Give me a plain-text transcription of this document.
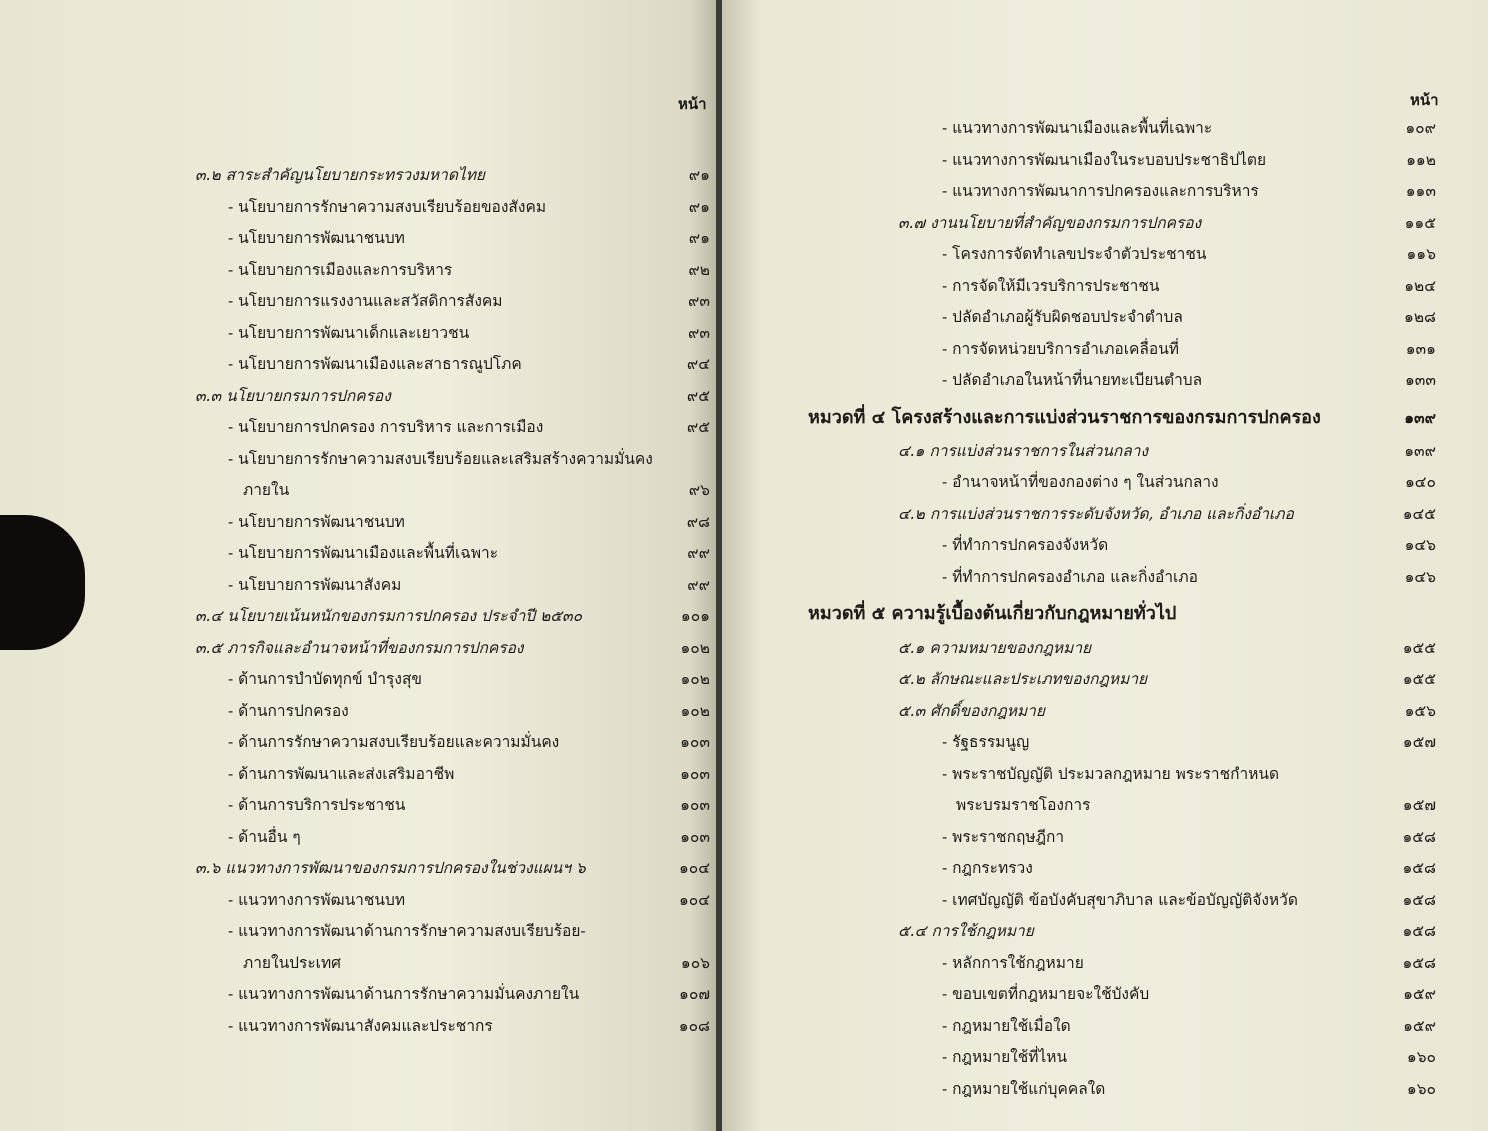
หน้า
๓.๒ สาระสำคัญนโยบายกระทรวงมหาดไทย	๙๑
- นโยบายการรักษาความสงบเรียบร้อยของสังคม	๙๑
- นโยบายการพัฒนาชนบท	๙๑
- นโยบายการเมืองและการบริหาร	๙๒
- นโยบายการแรงงานและสวัสดิการสังคม	๙๓
- นโยบายการพัฒนาเด็กและเยาวชน	๙๓
- นโยบายการพัฒนาเมืองและสาธารณูปโภค	๙๔
๓.๓ นโยบายกรมการปกครอง	๙๕
- นโยบายการปกครอง การบริหาร และการเมือง	๙๕
- นโยบายการรักษาความสงบเรียบร้อยและเสริมสร้างความมั่นคง
ภายใน	๙๖
- นโยบายการพัฒนาชนบท	๙๘
- นโยบายการพัฒนาเมืองและพื้นที่เฉพาะ	๙๙
- นโยบายการพัฒนาสังคม	๙๙
๓.๔ นโยบายเน้นหนักของกรมการปกครอง ประจำปี ๒๕๓๐	๑๐๑
๓.๕ ภารกิจและอำนาจหน้าที่ของกรมการปกครอง	๑๐๒
- ด้านการบำบัดทุกข์ บำรุงสุข	๑๐๒
- ด้านการปกครอง	๑๐๒
- ด้านการรักษาความสงบเรียบร้อยและความมั่นคง	๑๐๓
- ด้านการพัฒนาและส่งเสริมอาชีพ	๑๐๓
- ด้านการบริการประชาชน	๑๐๓
- ด้านอื่น ๆ	๑๐๓
๓.๖ แนวทางการพัฒนาของกรมการปกครองในช่วงแผนฯ ๖	๑๐๔
- แนวทางการพัฒนาชนบท	๑๐๔
- แนวทางการพัฒนาด้านการรักษาความสงบเรียบร้อย-
ภายในประเทศ	๑๐๖
- แนวทางการพัฒนาด้านการรักษาความมั่นคงภายใน	๑๐๗
- แนวทางการพัฒนาสังคมและประชากร	๑๐๘
หน้า
- แนวทางการพัฒนาเมืองและพื้นที่เฉพาะ	๑๐๙
- แนวทางการพัฒนาเมืองในระบอบประชาธิปไตย	๑๑๒
- แนวทางการพัฒนาการปกครองและการบริหาร	๑๑๓
๓.๗ งานนโยบายที่สำคัญของกรมการปกครอง	๑๑๕
- โครงการจัดทำเลขประจำตัวประชาชน	๑๑๖
- การจัดให้มีเวรบริการประชาชน	๑๒๔
- ปลัดอำเภอผู้รับผิดชอบประจำตำบล	๑๒๘
- การจัดหน่วยบริการอำเภอเคลื่อนที่	๑๓๑
- ปลัดอำเภอในหน้าที่นายทะเบียนตำบล	๑๓๓
หมวดที่ ๔ โครงสร้างและการแบ่งส่วนราชการของกรมการปกครอง	๑๓๙
๔.๑ การแบ่งส่วนราชการในส่วนกลาง	๑๓๙
- อำนาจหน้าที่ของกองต่าง ๆ ในส่วนกลาง	๑๔๐
๔.๒ การแบ่งส่วนราชการระดับจังหวัด, อำเภอ และกิ่งอำเภอ	๑๔๕
- ที่ทำการปกครองจังหวัด	๑๔๖
- ที่ทำการปกครองอำเภอ และกิ่งอำเภอ	๑๔๖
หมวดที่ ๕ ความรู้เบื้องต้นเกี่ยวกับกฎหมายทั่วไป
๕.๑ ความหมายของกฎหมาย	๑๕๕
๕.๒ ลักษณะและประเภทของกฎหมาย	๑๕๕
๕.๓ ศักดิ์ของกฎหมาย	๑๕๖
- รัฐธรรมนูญ	๑๕๗
- พระราชบัญญัติ ประมวลกฎหมาย พระราชกำหนด
พระบรมราชโองการ	๑๕๗
- พระราชกฤษฎีกา	๑๕๘
- กฎกระทรวง	๑๕๘
- เทศบัญญัติ ข้อบังคับสุขาภิบาล และข้อบัญญัติจังหวัด	๑๕๘
๕.๔ การใช้กฎหมาย	๑๕๘
- หลักการใช้กฎหมาย	๑๕๘
- ขอบเขตที่กฎหมายจะใช้บังคับ	๑๕๙
- กฎหมายใช้เมื่อใด	๑๕๙
- กฎหมายใช้ที่ไหน	๑๖๐
- กฎหมายใช้แก่บุคคลใด	๑๖๐
